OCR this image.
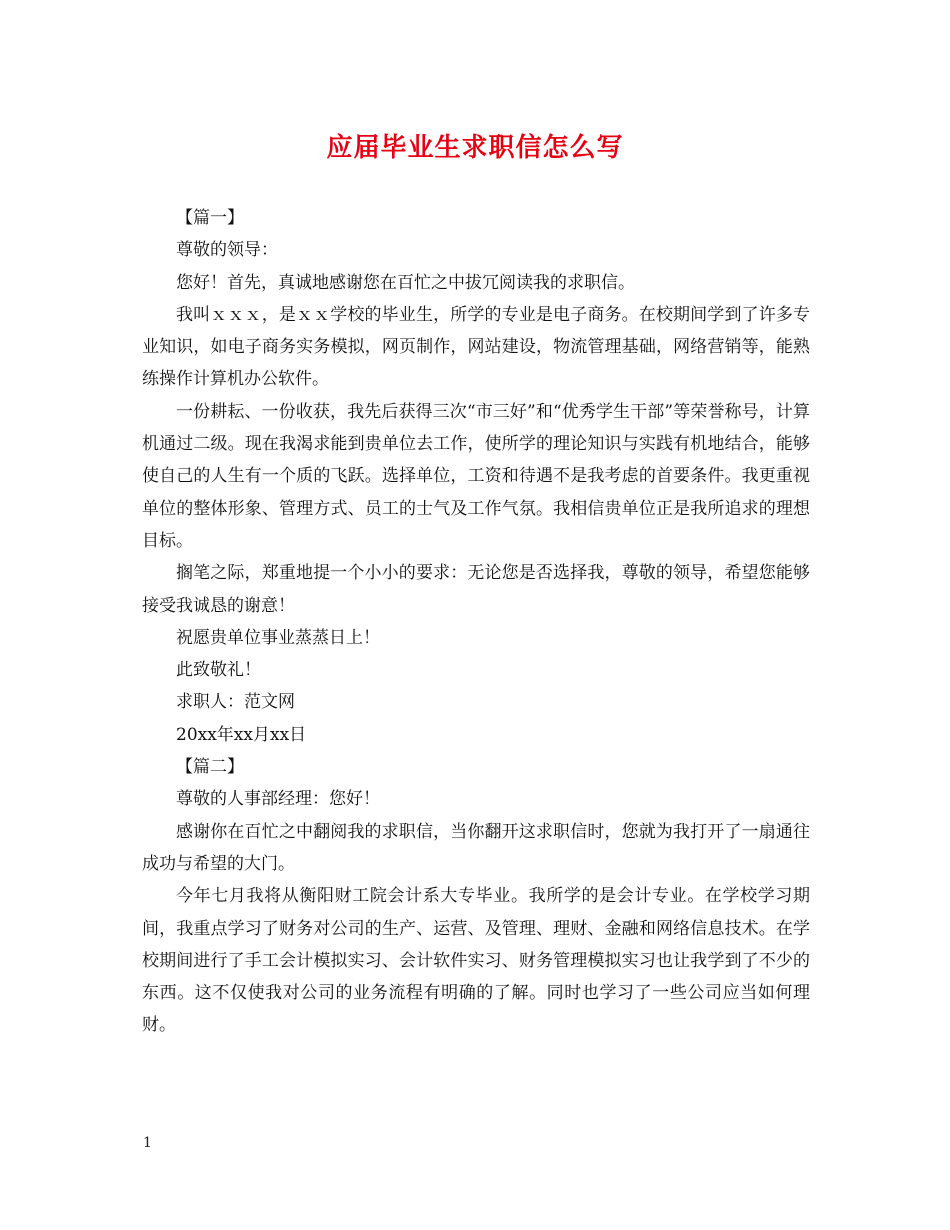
应届毕业生求职信怎么写

【篇一】

尊敬的领导：

您好！首先，真诚地感谢您在百忙之中拔冗阅读我的求职信。

我叫ｘｘｘ，是ｘｘ学校的毕业生，所学的专业是电子商务。在校期间学到了许多专业知识，如电子商务实务模拟，网页制作，网站建设，物流管理基础，网络营销等，能熟练操作计算机办公软件。

一份耕耘、一份收获，我先后获得三次“市三好”和“优秀学生干部”等荣誉称号，计算机通过二级。现在我渴求能到贵单位去工作，使所学的理论知识与实践有机地结合，能够使自己的人生有一个质的飞跃。选择单位，工资和待遇不是我考虑的首要条件。我更重视单位的整体形象、管理方式、员工的士气及工作气氛。我相信贵单位正是我所追求的理想目标。

搁笔之际，郑重地提一个小小的要求：无论您是否选择我，尊敬的领导，希望您能够接受我诚恳的谢意！

祝愿贵单位事业蒸蒸日上！

此致敬礼！

求职人：范文网

20xx年xx月xx日

【篇二】

尊敬的人事部经理：您好！

感谢你在百忙之中翻阅我的求职信，当你翻开这求职信时，您就为我打开了一扇通往成功与希望的大门。

今年七月我将从衡阳财工院会计系大专毕业。我所学的是会计专业。在学校学习期间，我重点学习了财务对公司的生产、运营、及管理、理财、金融和网络信息技术。在学校期间进行了手工会计模拟实习、会计软件实习、财务管理模拟实习也让我学到了不少的东西。这不仅使我对公司的业务流程有明确的了解。同时也学习了一些公司应当如何理财。

1
